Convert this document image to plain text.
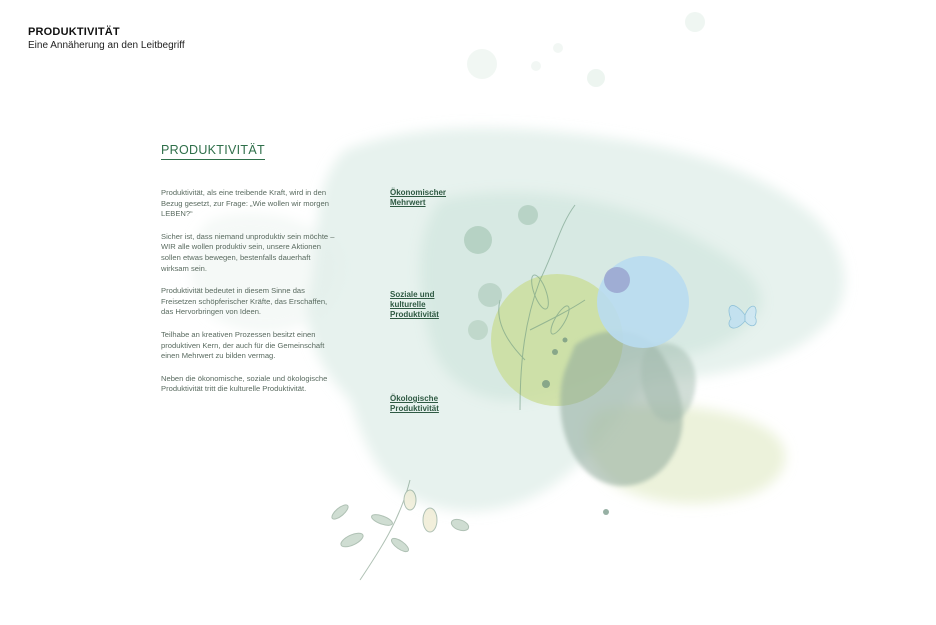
PRODUKTIVITÄT
Eine Annäherung an den Leitbegriff
PRODUKTIVITÄT

Produktivität, als eine treibende Kraft, wird in den Bezug gesetzt, zur Frage: „Wie wollen wir morgen LEBEN?“

Sicher ist, dass niemand unproduktiv sein möchte – WIR alle wollen produktiv sein, unsere Aktionen sollen etwas bewegen, bestenfalls dauerhaft wirksam sein.

Produktivität bedeutet in diesem Sinne das Freisetzen schöpferischer Kräfte, das Erschaffen, das Hervorbringen von Ideen.

Teilhabe an kreativen Prozessen besitzt einen produktiven Kern, der auch für die Gemeinschaft einen Mehrwert zu bilden vermag.

Neben die ökonomische, soziale und ökologische Produktivität tritt die kulturelle Produktivität.

Ökonomischer Mehrwert
Soziale und kulturelle Produktivität
Ökologische Produktivität
